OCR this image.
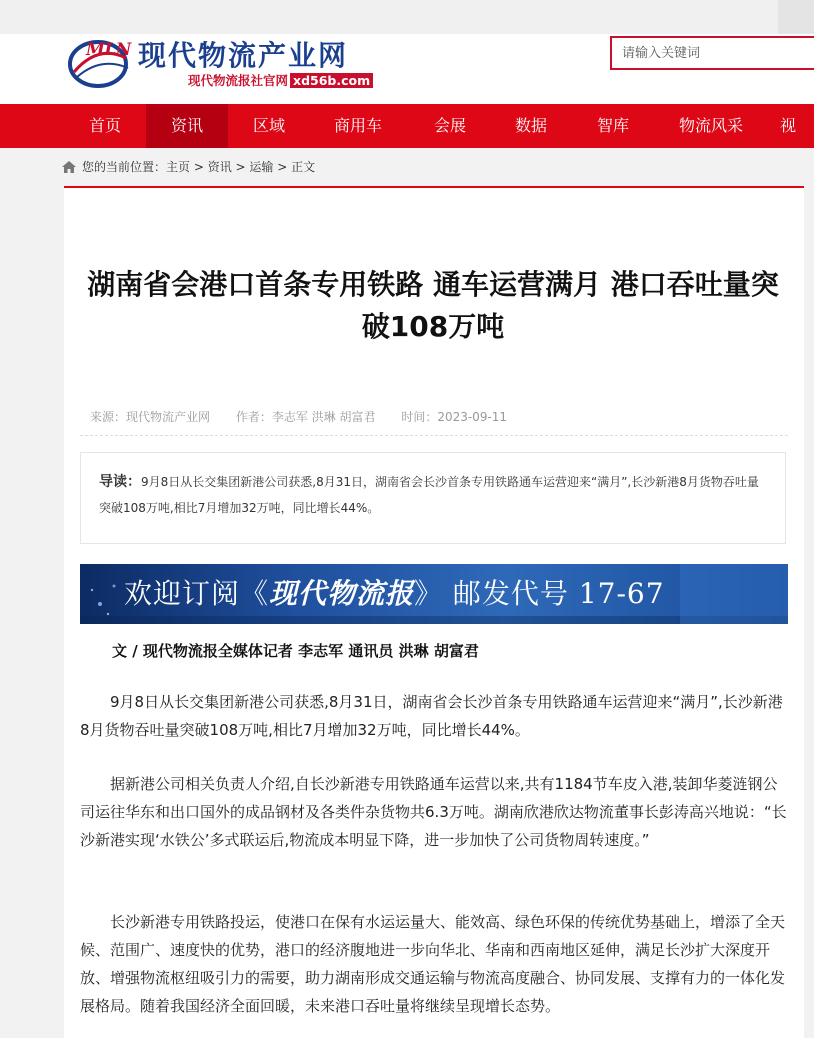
MLN 现代物流产业网
现代物流报社官网 xd56b.com
请输入关键词
首页	资讯	区域	商用车	会展	数据	智库	物流风采	视
您的当前位置：主页 > 资讯 > 运输 > 正文
湖南省会港口首条专用铁路 通车运营满月 港口吞吐量突破108万吨
来源：现代物流产业网 作者：李志军 洪琳 胡富君 时间：2023-09-11
导读：9月8日从长交集团新港公司获悉,8月31日，湖南省会长沙首条专用铁路通车运营迎来“满月”,长沙新港8月货物吞吐量突破108万吨,相比7月增加32万吨，同比增长44%。
欢迎订阅《现代物流报》 邮发代号 17-67
文 / 现代物流报全媒体记者 李志军 通讯员 洪琳 胡富君

9月8日从长交集团新港公司获悉,8月31日，湖南省会长沙首条专用铁路通车运营迎来“满月”,长沙新港8月货物吞吐量突破108万吨,相比7月增加32万吨，同比增长44%。

据新港公司相关负责人介绍,自长沙新港专用铁路通车运营以来,共有1184节车皮入港,装卸华菱涟钢公司运往华东和出口国外的成品钢材及各类件杂货物共6.3万吨。湖南欣港欣达物流董事长彭涛高兴地说：“长沙新港实现‘水铁公’多式联运后,物流成本明显下降，进一步加快了公司货物周转速度。”

长沙新港专用铁路投运，使港口在保有水运运量大、能效高、绿色环保的传统优势基础上，增添了全天候、范围广、速度快的优势，港口的经济腹地进一步向华北、华南和西南地区延伸，满足长沙扩大深度开放、增强物流枢纽吸引力的需要，助力湖南形成交通运输与物流高度融合、协同发展、支撑有力的一体化发展格局。随着我国经济全面回暖，未来港口吞吐量将继续呈现增长态势。
